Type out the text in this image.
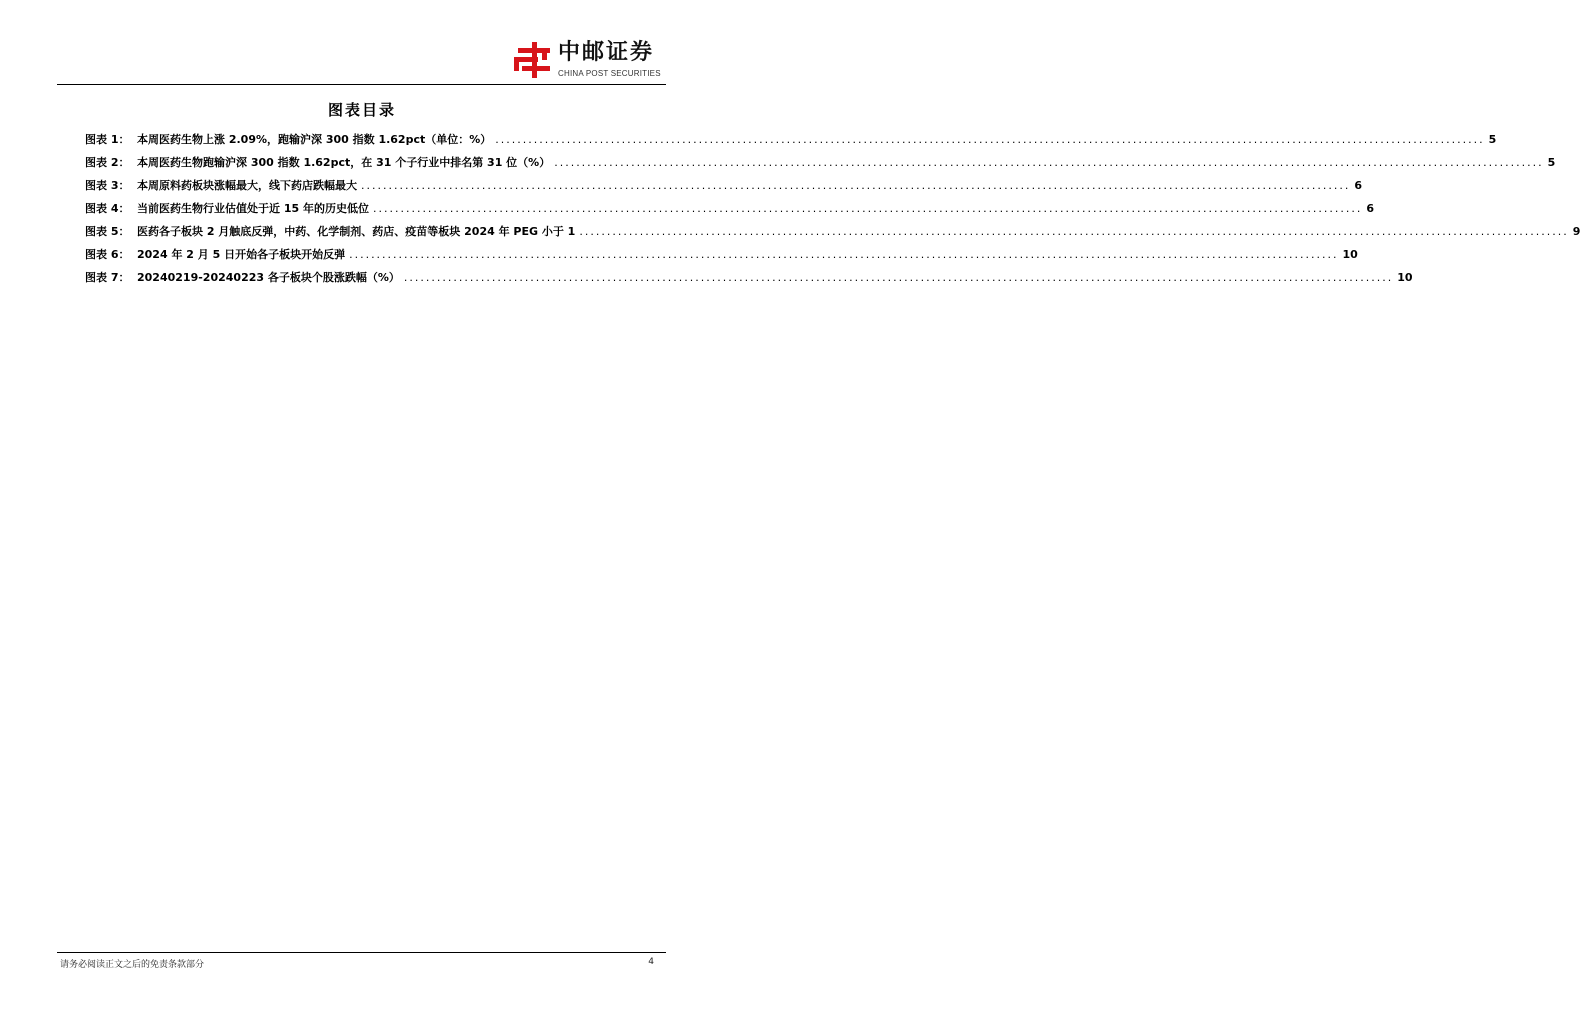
中邮证券
CHINA POST SECURITIES
图表目录
图表 1： 本周医药生物上涨 2.09%，跑输沪深 300 指数 1.62pct（单位：%） .....	5
图表 2： 本周医药生物跑输沪深 300 指数 1.62pct，在 31 个子行业中排名第 31 位（%） .....	5
图表 3： 本周原料药板块涨幅最大，线下药店跌幅最大 .....	6
图表 4： 当前医药生物行业估值处于近 15 年的历史低位 .....	6
图表 5： 医药各子板块 2 月触底反弹，中药、化学制剂、药店、疫苗等板块 2024 年 PEG 小于 1 .....	9
图表 6： 2024 年 2 月 5 日开始各子板块开始反弹 .....	10
图表 7： 20240219-20240223 各子板块个股涨跌幅（%） .....	10
请务必阅读正文之后的免责条款部分	4
